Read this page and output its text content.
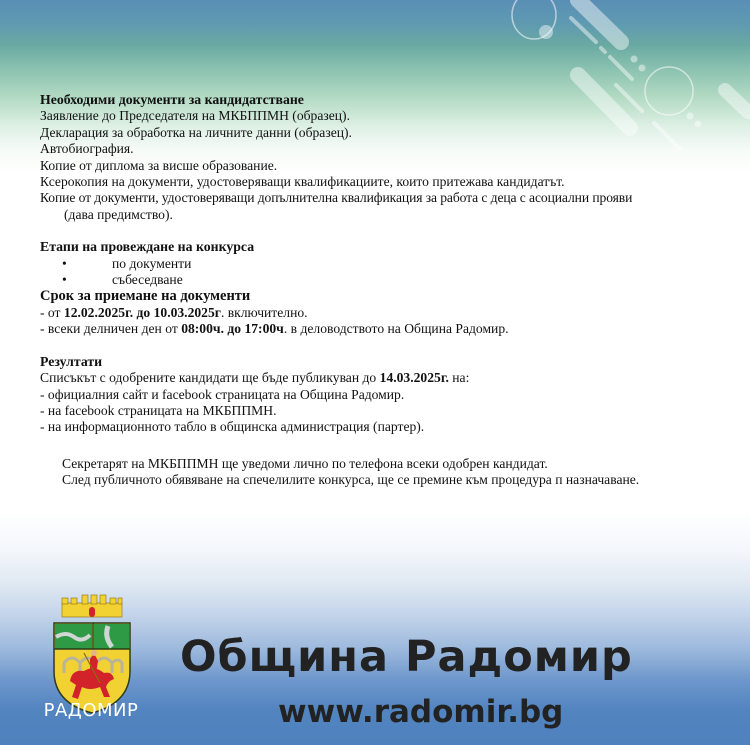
Необходими документи за кандидатстване

Заявление до Председателя на МКБППМН (образец).

Декларация за обработка на личните данни (образец).

Автобиография.

Копие от диплома за висше образование.

Ксерокопия на документи, удостоверяващи квалификациите, които притежава кандидатът.

Копие от документи, удостоверяващи допълнителна квалификация за работа с деца с асоциални прояви

(дава предимство).

Етапи на провеждане на конкурса

•	по документи
•	събеседване

Срок за приемане на документи

- от 12.02.2025г. до 10.03.2025г. включително.

- всеки делничен ден от 08:00ч. до 17:00ч. в деловодството на Община Радомир.

Резултати

Списъкът с одобрените кандидати ще бъде публикуван до 14.03.2025г. на:

- официалния сайт и facebook страницата на Община Радомир.

- на facebook страницата на МКБППМН.

- на информационното табло в общинска администрация (партер).

Секретарят на МКБППМН ще уведоми лично по телефона всеки одобрен кандидат.

След публичното обявяване на спечелилите конкурса, ще се премине към процедура п назначаване.

РАДОМИР
Община Радомир
www.radomir.bg
